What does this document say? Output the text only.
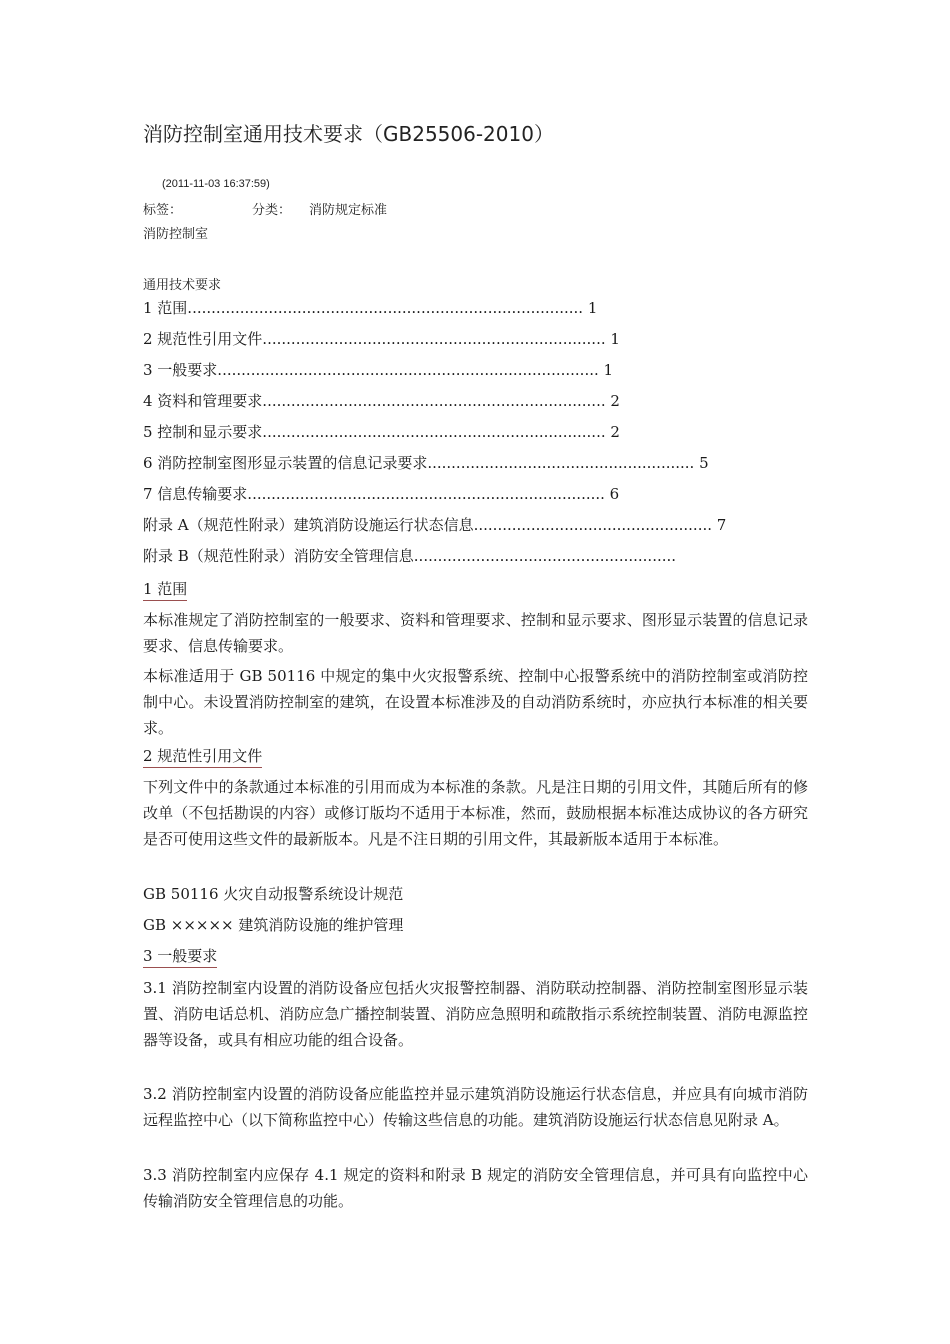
消防控制室通用技术要求（GB25506-2010）
(2011-11-03 16:37:59)
标签：	分类： 消防规定标准
消防控制室
通用技术要求
1 范围................................................................................... 1
2 规范性引用文件........................................................................ 1
3 一般要求................................................................................ 1
4 资料和管理要求........................................................................ 2
5 控制和显示要求........................................................................ 2
6 消防控制室图形显示装置的信息记录要求........................................................ 5
7 信息传输要求........................................................................... 6
附录 A（规范性附录）建筑消防设施运行状态信息.................................................. 7
附录 B（规范性附录）消防安全管理信息.......................................................
1 范围

本标准规定了消防控制室的一般要求、资料和管理要求、控制和显示要求、图形显示装置的信息记录要求、信息传输要求。

本标准适用于 GB 50116 中规定的集中火灾报警系统、控制中心报警系统中的消防控制室或消防控制中心。未设置消防控制室的建筑，在设置本标准涉及的自动消防系统时，亦应执行本标准的相关要求。

2 规范性引用文件

下列文件中的条款通过本标准的引用而成为本标准的条款。凡是注日期的引用文件，其随后所有的修改单（不包括勘误的内容）或修订版均不适用于本标准，然而，鼓励根据本标准达成协议的各方研究是否可使用这些文件的最新版本。凡是不注日期的引用文件，其最新版本适用于本标准。

GB 50116 火灾自动报警系统设计规范

GB ××××× 建筑消防设施的维护管理

3 一般要求

3.1 消防控制室内设置的消防设备应包括火灾报警控制器、消防联动控制器、消防控制室图形显示装置、消防电话总机、消防应急广播控制装置、消防应急照明和疏散指示系统控制装置、消防电源监控器等设备，或具有相应功能的组合设备。

3.2 消防控制室内设置的消防设备应能监控并显示建筑消防设施运行状态信息，并应具有向城市消防远程监控中心（以下简称监控中心）传输这些信息的功能。建筑消防设施运行状态信息见附录 A。

3.3 消防控制室内应保存 4.1 规定的资料和附录 B 规定的消防安全管理信息，并可具有向监控中心传输消防安全管理信息的功能。
